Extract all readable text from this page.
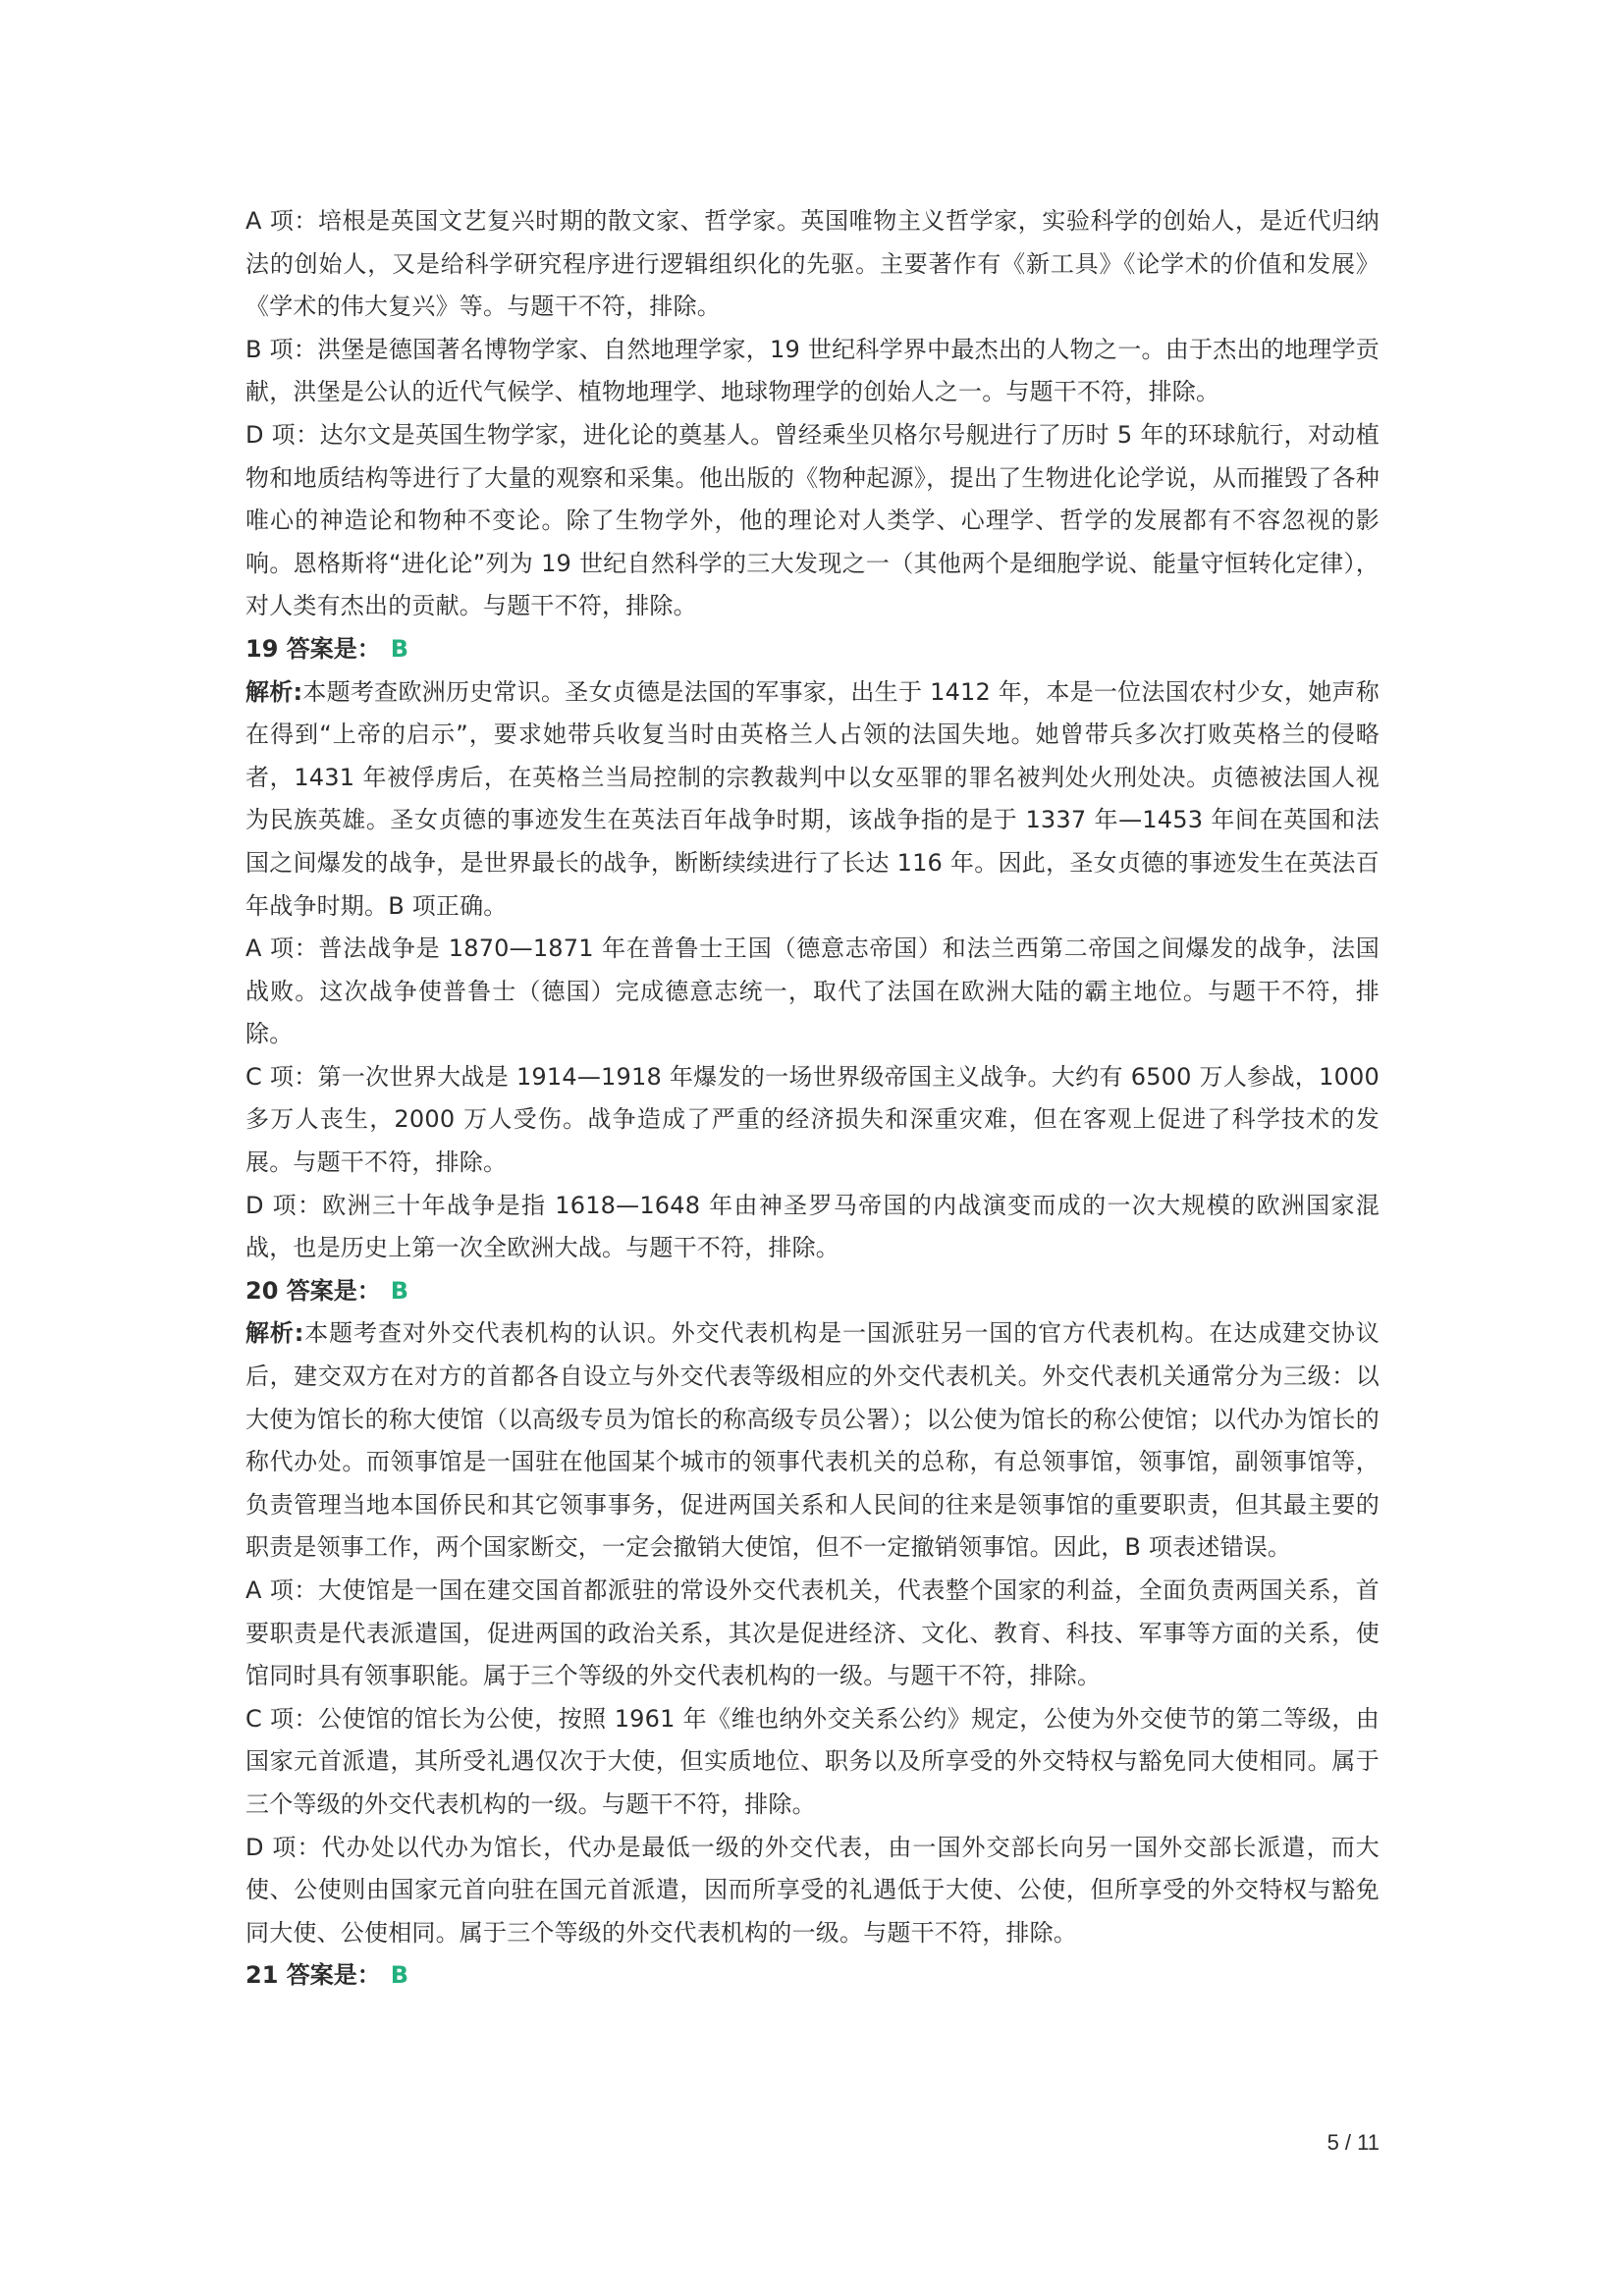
A 项：培根是英国文艺复兴时期的散文家、哲学家。英国唯物主义哲学家，实验科学的创始人，是近代归纳法的创始人，又是给科学研究程序进行逻辑组织化的先驱。主要著作有《新工具》《论学术的价值和发展》《学术的伟大复兴》等。与题干不符，排除。

B 项：洪堡是德国著名博物学家、自然地理学家，19 世纪科学界中最杰出的人物之一。由于杰出的地理学贡献，洪堡是公认的近代气候学、植物地理学、地球物理学的创始人之一。与题干不符，排除。

D 项：达尔文是英国生物学家，进化论的奠基人。曾经乘坐贝格尔号舰进行了历时 5 年的环球航行，对动植物和地质结构等进行了大量的观察和采集。他出版的《物种起源》，提出了生物进化论学说，从而摧毁了各种唯心的神造论和物种不变论。除了生物学外，他的理论对人类学、心理学、哲学的发展都有不容忽视的影响。恩格斯将“进化论”列为 19 世纪自然科学的三大发现之一（其他两个是细胞学说、能量守恒转化定律），对人类有杰出的贡献。与题干不符，排除。

19 答案是： B

解析:本题考查欧洲历史常识。圣女贞德是法国的军事家，出生于 1412 年，本是一位法国农村少女，她声称在得到“上帝的启示”，要求她带兵收复当时由英格兰人占领的法国失地。她曾带兵多次打败英格兰的侵略者，1431 年被俘虏后，在英格兰当局控制的宗教裁判中以女巫罪的罪名被判处火刑处决。贞德被法国人视为民族英雄。圣女贞德的事迹发生在英法百年战争时期，该战争指的是于 1337 年—1453 年间在英国和法国之间爆发的战争，是世界最长的战争，断断续续进行了长达 116 年。因此，圣女贞德的事迹发生在英法百年战争时期。B 项正确。

A 项：普法战争是 1870—1871 年在普鲁士王国（德意志帝国）和法兰西第二帝国之间爆发的战争，法国战败。这次战争使普鲁士（德国）完成德意志统一，取代了法国在欧洲大陆的霸主地位。与题干不符，排除。

C 项：第一次世界大战是 1914—1918 年爆发的一场世界级帝国主义战争。大约有 6500 万人参战，1000 多万人丧生，2000 万人受伤。战争造成了严重的经济损失和深重灾难，但在客观上促进了科学技术的发展。与题干不符，排除。

D 项：欧洲三十年战争是指 1618—1648 年由神圣罗马帝国的内战演变而成的一次大规模的欧洲国家混战，也是历史上第一次全欧洲大战。与题干不符，排除。

20 答案是： B

解析:本题考查对外交代表机构的认识。外交代表机构是一国派驻另一国的官方代表机构。在达成建交协议后，建交双方在对方的首都各自设立与外交代表等级相应的外交代表机关。外交代表机关通常分为三级：以大使为馆长的称大使馆（以高级专员为馆长的称高级专员公署）；以公使为馆长的称公使馆；以代办为馆长的称代办处。而领事馆是一国驻在他国某个城市的领事代表机关的总称，有总领事馆，领事馆，副领事馆等，负责管理当地本国侨民和其它领事事务，促进两国关系和人民间的往来是领事馆的重要职责，但其最主要的职责是领事工作，两个国家断交，一定会撤销大使馆，但不一定撤销领事馆。因此，B 项表述错误。

A 项：大使馆是一国在建交国首都派驻的常设外交代表机关，代表整个国家的利益，全面负责两国关系，首要职责是代表派遣国，促进两国的政治关系，其次是促进经济、文化、教育、科技、军事等方面的关系，使馆同时具有领事职能。属于三个等级的外交代表机构的一级。与题干不符，排除。

C 项：公使馆的馆长为公使，按照 1961 年《维也纳外交关系公约》规定，公使为外交使节的第二等级，由国家元首派遣，其所受礼遇仅次于大使，但实质地位、职务以及所享受的外交特权与豁免同大使相同。属于三个等级的外交代表机构的一级。与题干不符，排除。

D 项：代办处以代办为馆长，代办是最低一级的外交代表，由一国外交部长向另一国外交部长派遣，而大使、公使则由国家元首向驻在国元首派遣，因而所享受的礼遇低于大使、公使，但所享受的外交特权与豁免同大使、公使相同。属于三个等级的外交代表机构的一级。与题干不符，排除。

21 答案是： B

5 / 11
